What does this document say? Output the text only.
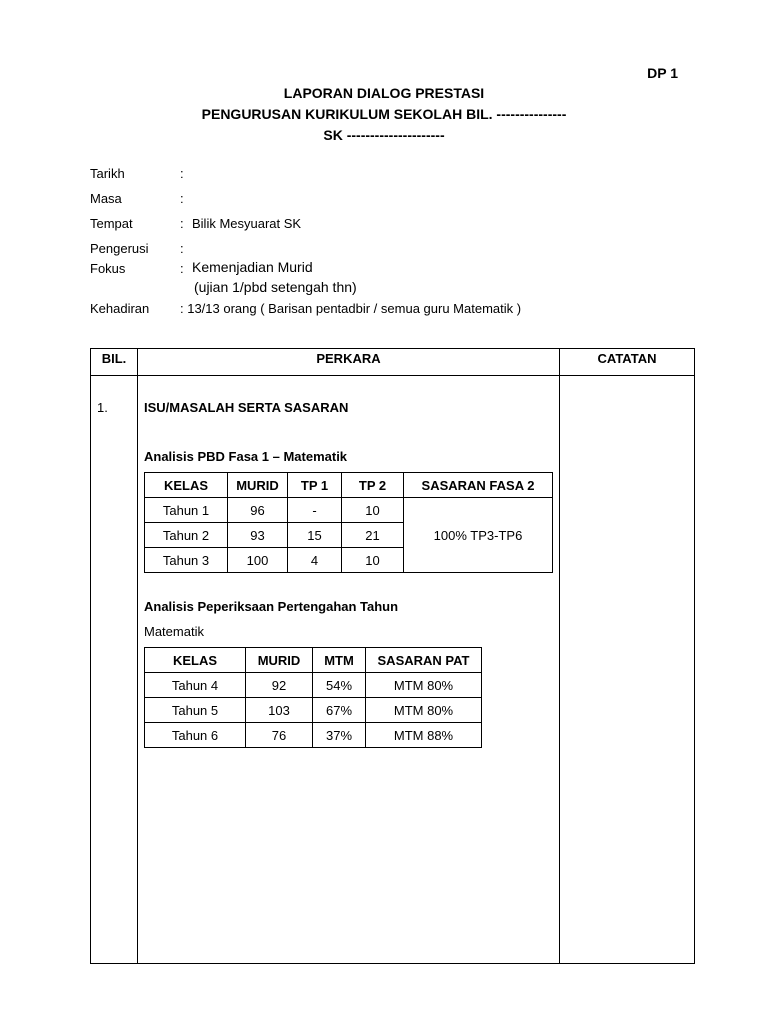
DP 1
LAPORAN DIALOG PRESTASI
PENGURUSAN KURIKULUM SEKOLAH BIL. ---------------
SK ---------------------
Tarikh	:
Masa	:
Tempat	: Bilik Mesyuarat SK
Pengerusi :
Fokus	: Kemenjadian Murid
(ujian 1/pbd setengah thn)
Kehadiran : 13/13 orang ( Barisan pentadbir / semua guru Matematik )
BIL.	PERKARA	CATATAN
1.	ISU/MASALAH SERTA SASARAN
Analisis PBD Fasa 1 – Matematik
KELAS	MURID	TP 1	TP 2	SASARAN FASA 2
Tahun 1	96	-	10	100% TP3-TP6
Tahun 2	93	15	21	
Tahun 3	100	4	10	
Analisis Peperiksaan Pertengahan Tahun
Matematik
KELAS	MURID	MTM	SASARAN PAT
Tahun 4	92	54%	MTM 80%
Tahun 5	103	67%	MTM 80%
Tahun 6	76	37%	MTM 88%
